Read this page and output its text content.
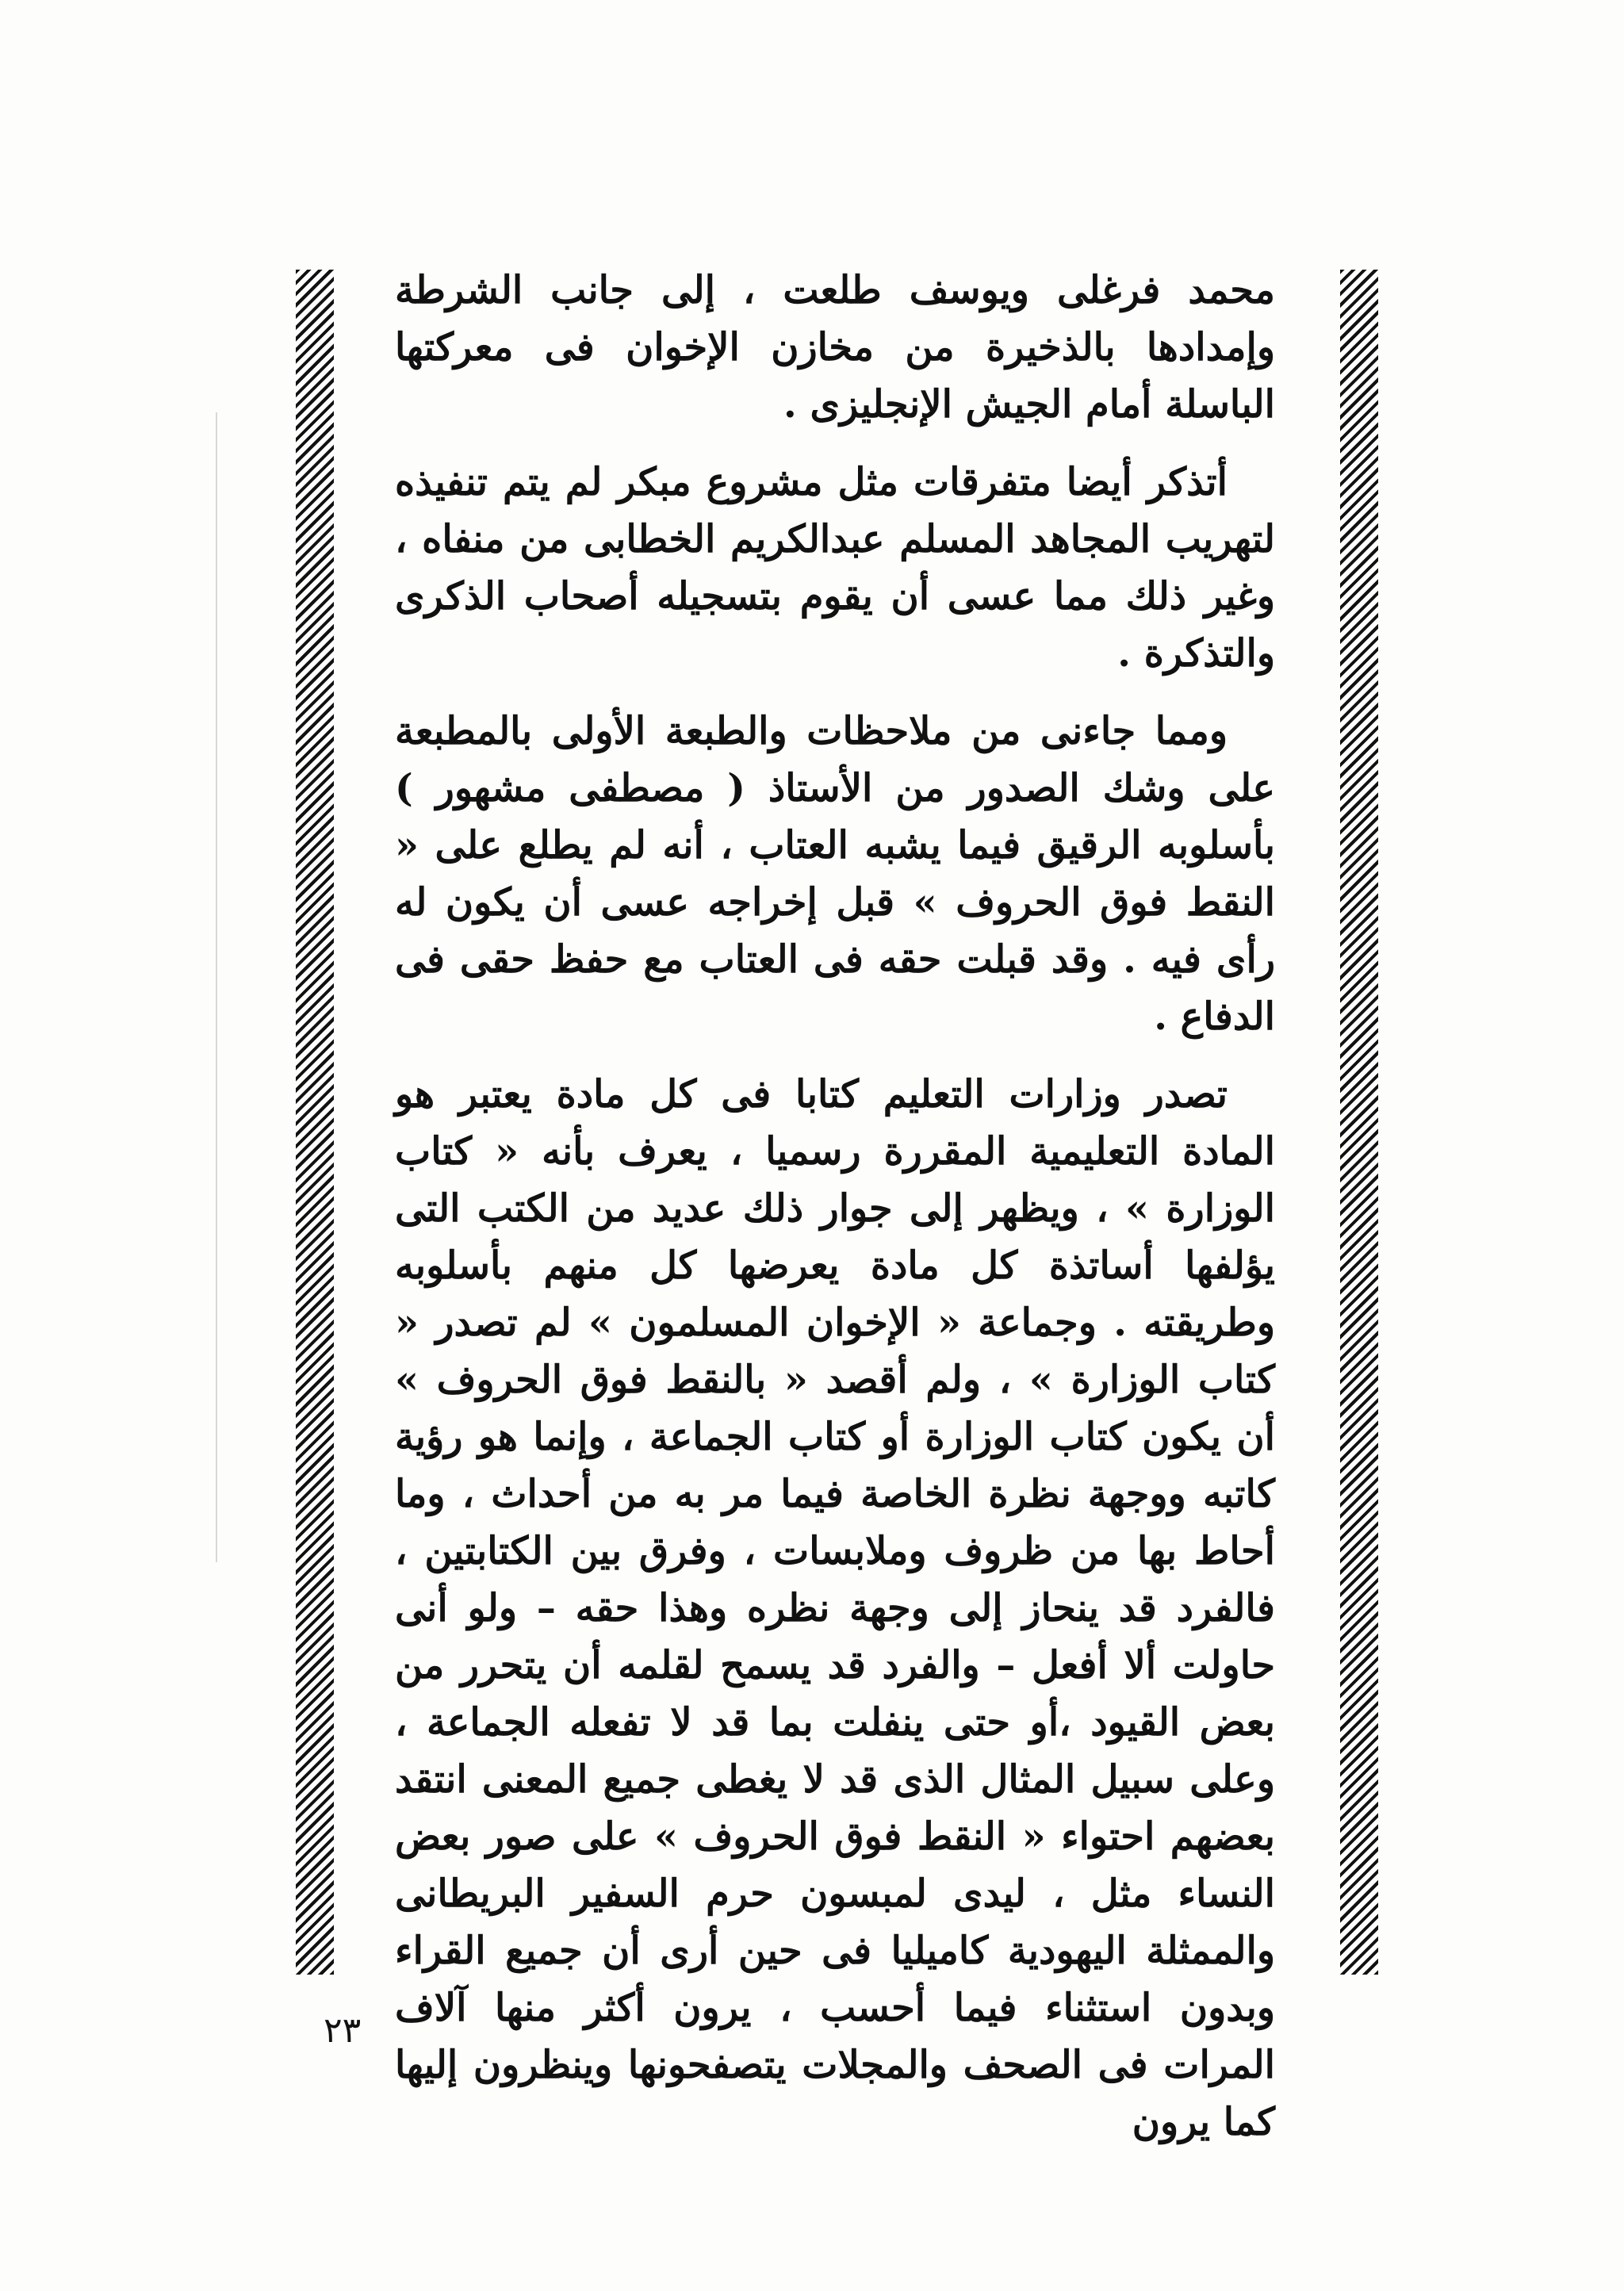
محمد فرغلى ويوسف طلعت ، إلى جانب الشرطة وإمدادها بالذخيرة من مخازن الإخوان فى معركتها الباسلة أمام الجيش الإنجليزى .

أتذكر أيضا متفرقات مثل مشروع مبكر لم يتم تنفيذه لتهريب المجاهد المسلم عبدالكريم الخطابى من منفاه ، وغير ذلك مما عسى أن يقوم بتسجيله أصحاب الذكرى والتذكرة .

ومما جاءنى من ملاحظات والطبعة الأولى بالمطبعة على وشك الصدور من الأستاذ ( مصطفى مشهور ) بأسلوبه الرقيق فيما يشبه العتاب ، أنه لم يطلع على « النقط فوق الحروف » قبل إخراجه عسى أن يكون له رأى فيه . وقد قبلت حقه فى العتاب مع حفظ حقى فى الدفاع .

تصدر وزارات التعليم كتابا فى كل مادة يعتبر هو المادة التعليمية المقررة رسميا ، يعرف بأنه « كتاب الوزارة » ، ويظهر إلى جوار ذلك عديد من الكتب التى يؤلفها أساتذة كل مادة يعرضها كل منهم بأسلوبه وطريقته . وجماعة « الإخوان المسلمون » لم تصدر « كتاب الوزارة » ، ولم أقصد « بالنقط فوق الحروف » أن يكون كتاب الوزارة أو كتاب الجماعة ، وإنما هو رؤية كاتبه ووجهة نظرة الخاصة فيما مر به من أحداث ، وما أحاط بها من ظروف وملابسات ، وفرق بين الكتابتين ، فالفرد قد ينحاز إلى وجهة نظره وهذا حقه – ولو أنى حاولت ألا أفعل – والفرد قد يسمح لقلمه أن يتحرر من بعض القيود ،أو حتى ينفلت بما قد لا تفعله الجماعة ، وعلى سبيل المثال الذى قد لا يغطى جميع المعنى انتقد بعضهم احتواء « النقط فوق الحروف » على صور بعض النساء مثل ، ليدى لمبسون حرم السفير البريطانى والممثلة اليهودية كاميليا فى حين أرى أن جميع القراء وبدون استثناء فيما أحسب ، يرون أكثر منها آلاف المرات فى الصحف والمجلات يتصفحونها وينظرون إليها كما يرون

٢٣
